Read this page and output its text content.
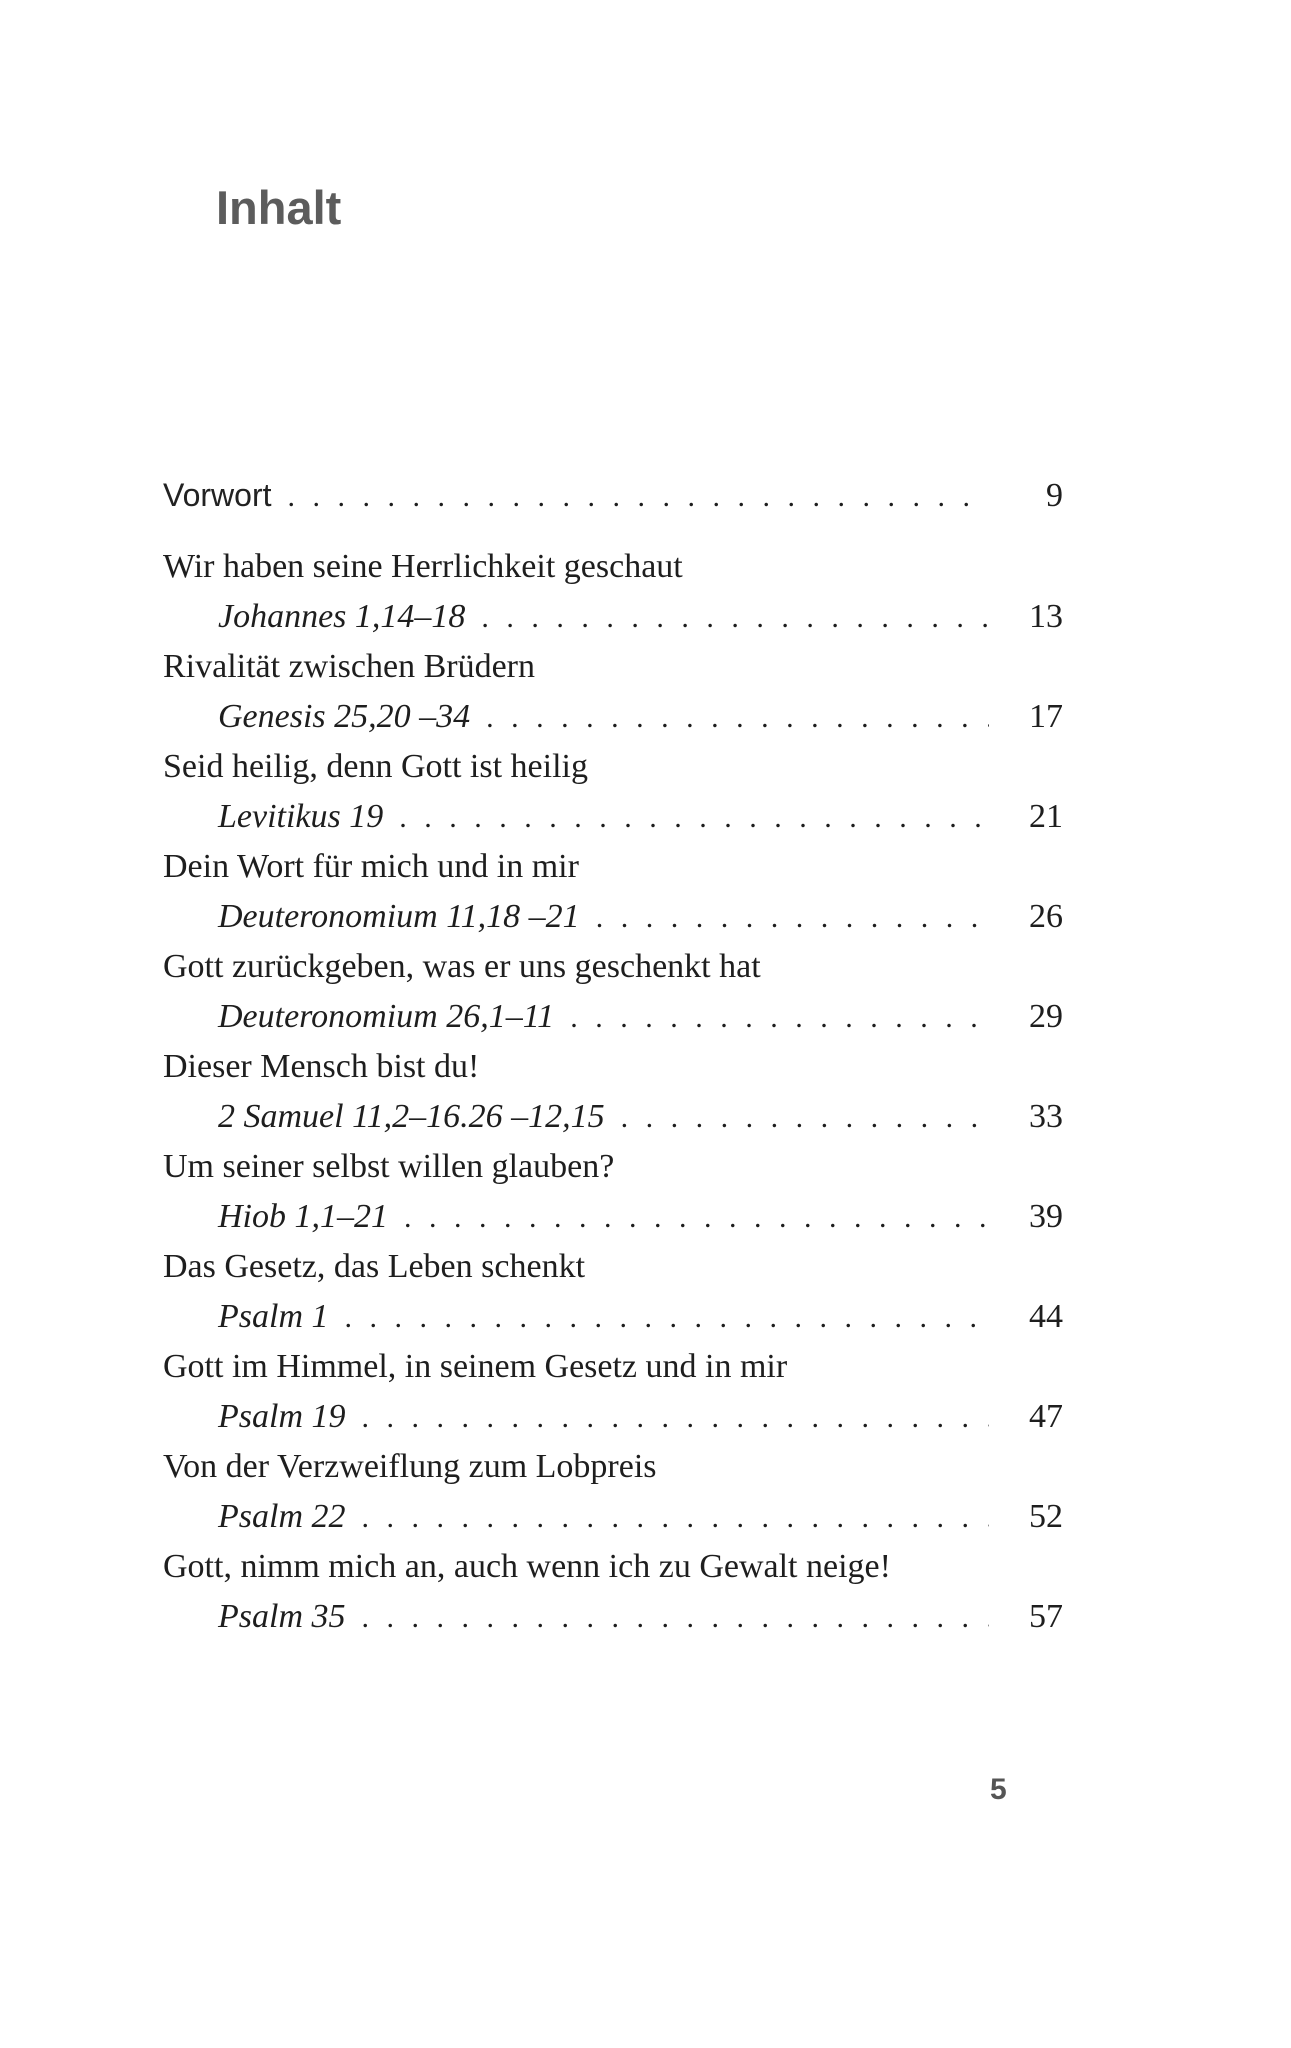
Inhalt
Vorwort . . .	9
Wir haben seine Herrlichkeit geschaut
Johannes 1,14–18 . . .	13
Rivalität zwischen Brüdern
Genesis 25,20 –34 . . .	17
Seid heilig, denn Gott ist heilig
Levitikus 19 . . .	21
Dein Wort für mich und in mir
Deuteronomium 11,18 –21 . . .	26
Gott zurückgeben, was er uns geschenkt hat
Deuteronomium 26,1–11 . . .	29
Dieser Mensch bist du!
2 Samuel 11,2–16.26 –12,15 . . .	33
Um seiner selbst willen glauben?
Hiob 1,1–21 . . .	39
Das Gesetz, das Leben schenkt
Psalm 1 . . .	44
Gott im Himmel, in seinem Gesetz und in mir
Psalm 19 . . .	47
Von der Verzweiflung zum Lobpreis
Psalm 22 . . .	52
Gott, nimm mich an, auch wenn ich zu Gewalt neige!
Psalm 35 . . .	57
5
